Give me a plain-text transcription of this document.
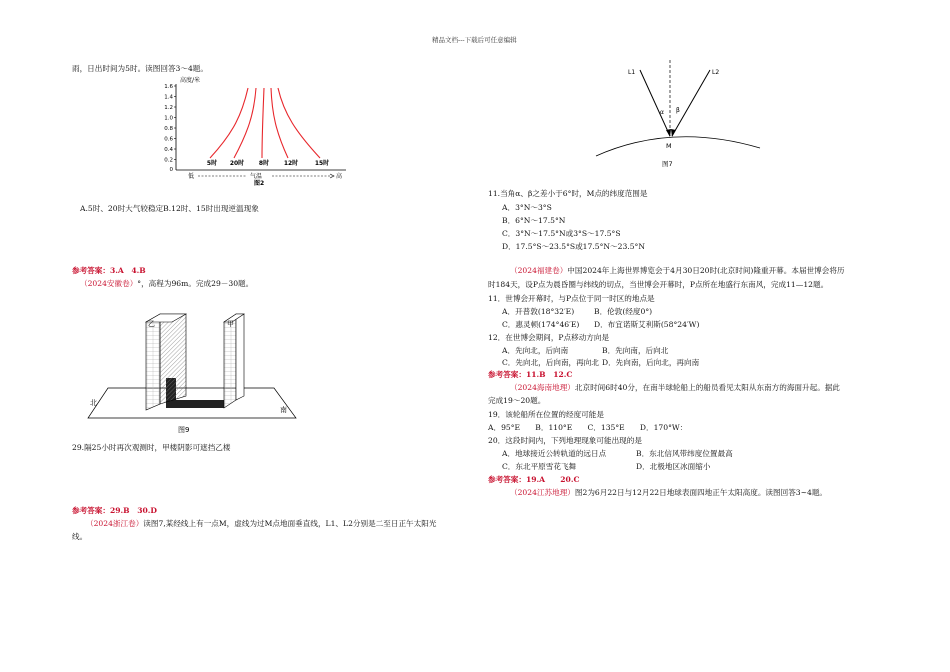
精品文档---下载后可任意编辑
雨，日出时间为5时。读图回答3～4题。
高度/米
1.6
1.4
1.2
1.0
0.8
0.6
0.4
0.2
0
5时 20时 8时 12时	15时
低	气温	高
图2
A.5时、20时大气较稳定B.12时、15时出现逆温现象
参考答案：3.A　4.B
（2024安徽卷）°，高程为96m。完成29－30题。
乙	甲
北
南
图9
29.隔25小时再次观测时，甲楼阴影可遮挡乙楼
参考答案：29.B　30.D
（2024浙江卷）读图7,某经线上有一点M，虚线为过M点地面垂直线，L1、L2分别是二至日正午太阳光
线。
L1	L2
α β
M
图7
11.当角α、β之差小于6°时，M点的纬度范围是
A．3°N～3°S
B．6°N～17.5°N
C．3°N～17.5°N或3°S～17.5°S
D．17.5°S～23.5°S或17.5°N～23.5°N
（2024福建卷）中国2024年上海世界博览会于4月30日20时(北京时间)隆重开幕。本届世博会将历
时184天，设P点为晨昏圈与纬线的切点，当世博会开幕时，P点所在地盛行东南风，完成11—12题。
11．世博会开幕时，与P点位于同一时区的地点是
A．开普敦(18°32′E)	B．伦敦(经度0°)
C．惠灵顿(174°46′E) D．布宜诺斯艾利斯(58°24′W)
12．在世博会期间，P点移动方向是
A．先向北，后向南	B．先向南，后向北
C．先向北，后向南，再向北 D．先向南，后向北，再向南
参考答案：11.B　12.C
（2024海南地理）北京时间6时40分，在南半球轮船上的船员看见太阳从东南方的海面升起。据此
完成19～20题。
19．该轮船所在位置的经度可能是
A．95°E　　B．110°E　　C．135°E　　D．170°W：
20．这段时间内，下列地理现象可能出现的是
A．地球接近公转轨道的远日点	B．东北信风带纬度位置最高
C．东北平原雪花飞舞	D．北极地区冰面缩小
参考答案：19.A　　20.C
（2024江苏地理）图2为6月22日与12月22日地球表面四地正午太阳高度。读图回答3~4题。
